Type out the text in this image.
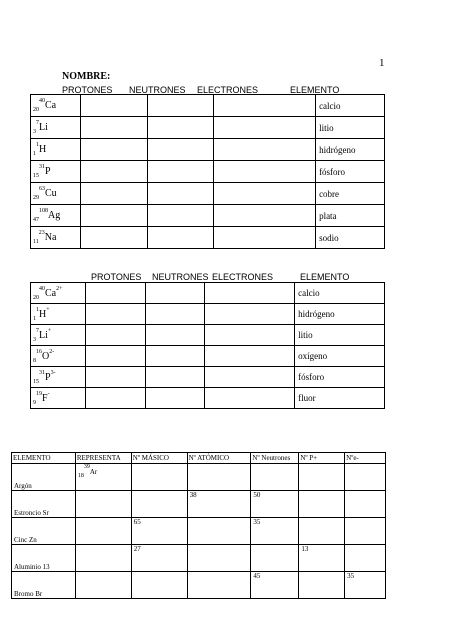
1
NOMBRE:
PROTONES NEUTRONES ELECTRONES	ELEMENTO
$_{20}^{40}$Ca				calcio
$_3^7$Li				litio
$_1^1$H				hidrógeno
$_{15}^{31}$P				fósforo
$_{29}^{63}$Cu				cobre
$_{47}^{108}$Ag				plata
$_{11}^{23}$Na				sodio
PROTONES NEUTRONES ELECTRONES	ELEMENTO
$_{20}^{40}Ca^{2+}$				calcio
$_1^1$H+				hidrógeno
$_3^7$Li+				litio
$_8^{16}O^{2-}$				oxígeno
$_{15}^{31}P^{3-}$				fósforo
$_9^{19}$F-				fluor
ELEMENTO	REPRESENTA	Nº MÁSICO	Nº ATÓMICO	Nº Neutrones	Nº P+	Nºe-
Argón	$_{18}^{39}$Ar					
Estroncio Sr			38	50		
Cinc Zn		65		35		
Aluminio 13		27			13	
Bromo Br				45		35
